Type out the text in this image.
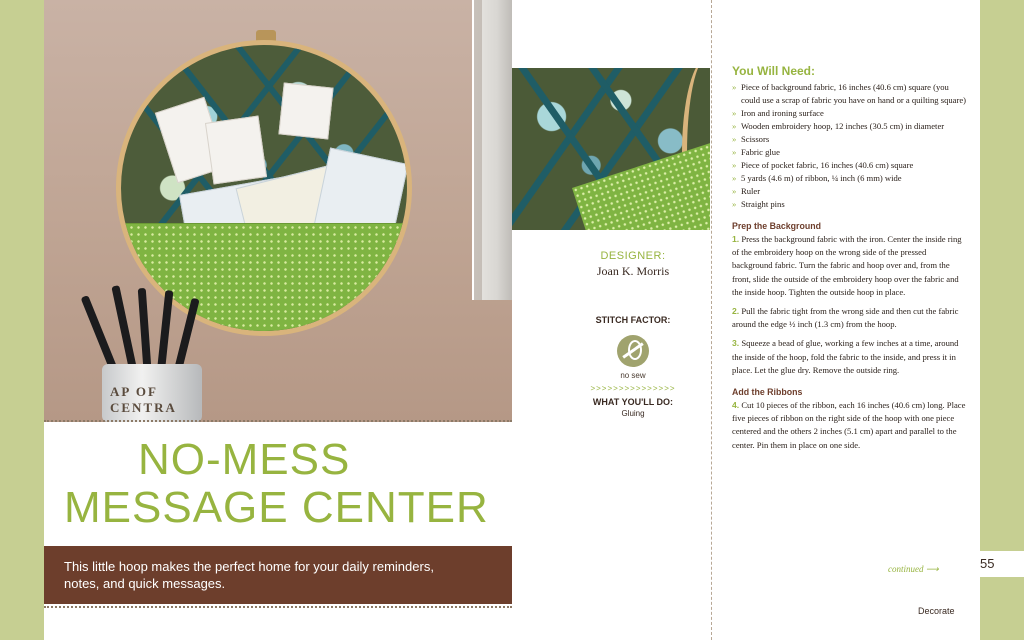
AP OF CENTRA
NO-MESS
MESSAGE CENTER
This little hoop makes the perfect home for your daily reminders, notes, and quick messages.
DESIGNER:
Joan K. Morris
STITCH FACTOR:
no sew
>>>>>>>>>>>>>>>
WHAT YOU'LL DO:
Gluing
You Will Need:
» Piece of background fabric, 16 inches (40.6 cm) square (you could use a scrap of fabric you have on hand or a quilting square)
» Iron and ironing surface
» Wooden embroidery hoop, 12 inches (30.5 cm) in diameter
» Scissors
» Fabric glue
» Piece of pocket fabric, 16 inches (40.6 cm) square
» 5 yards (4.6 m) of ribbon, ¼ inch (6 mm) wide
» Ruler
» Straight pins
Prep the Background

1. Press the background fabric with the iron. Center the inside ring of the embroidery hoop on the wrong side of the pressed background fabric. Turn the fabric and hoop over and, from the front, slide the outside of the embroidery hoop over the fabric and the inside hoop. Tighten the outside hoop in place.

2. Pull the fabric tight from the wrong side and then cut the fabric around the edge ½ inch (1.3 cm) from the hoop.

3. Squeeze a bead of glue, working a few inches at a time, around the inside of the hoop, fold the fabric to the inside, and press it in place. Let the glue dry. Remove the outside ring.

Add the Ribbons

4. Cut 10 pieces of the ribbon, each 16 inches (40.6 cm) long. Place five pieces of ribbon on the right side of the hoop with one piece centered and the others 2 inches (5.1 cm) apart and parallel to the center. Pin them in place on one side.

continued ⟶	55
Decorate
